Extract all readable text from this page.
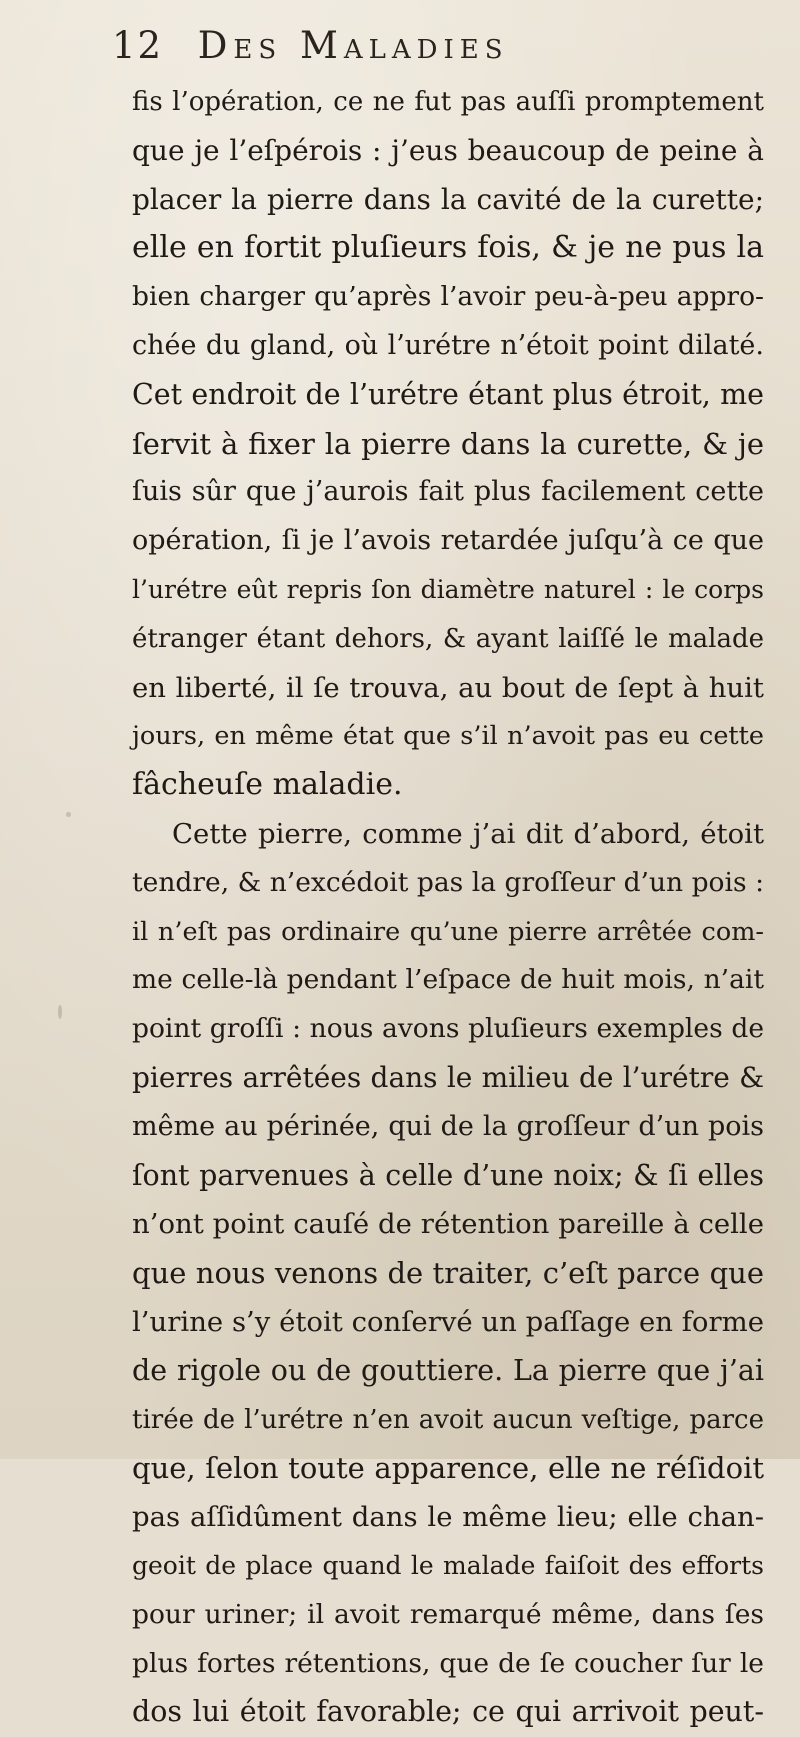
12 Des Maladies
fis l’opération, ce ne fut pas auſſi promptement
que je l’eſpérois : j’eus beaucoup de peine à
placer la pierre dans la cavité de la curette;
elle en fortit pluſieurs fois, & je ne pus la
bien charger qu’après l’avoir peu-à-peu appro-
chée du gland, où l’urétre n’étoit point dilaté.
Cet endroit de l’urétre étant plus étroit, me
ſervit à fixer la pierre dans la curette, & je
ſuis sûr que j’aurois fait plus facilement cette
opération, ſi je l’avois retardée juſqu’à ce que
l’urétre eût repris ſon diamètre naturel : le corps
étranger étant dehors, & ayant laiſſé le malade
en liberté, il ſe trouva, au bout de ſept à huit
jours, en même état que s’il n’avoit pas eu cette
fâcheuſe maladie.
Cette pierre, comme j’ai dit d’abord, étoit
tendre, & n’excédoit pas la groſſeur d’un pois :
il n’eſt pas ordinaire qu’une pierre arrêtée com-
me celle-là pendant l’eſpace de huit mois, n’ait
point groſſi : nous avons pluſieurs exemples de
pierres arrêtées dans le milieu de l’urétre &
même au périnée, qui de la groſſeur d’un pois
ſont parvenues à celle d’une noix; & ſi elles
n’ont point cauſé de rétention pareille à celle
que nous venons de traiter, c’eſt parce que
l’urine s’y étoit conſervé un paſſage en forme
de rigole ou de gouttiere. La pierre que j’ai
tirée de l’urétre n’en avoit aucun veſtige, parce
que, ſelon toute apparence, elle ne réſidoit
pas aſſidûment dans le même lieu; elle chan-
geoit de place quand le malade faiſoit des efforts
pour uriner; il avoit remarqué même, dans ſes
plus fortes rétentions, que de ſe coucher ſur le
dos lui étoit favorable; ce qui arrivoit peut-
